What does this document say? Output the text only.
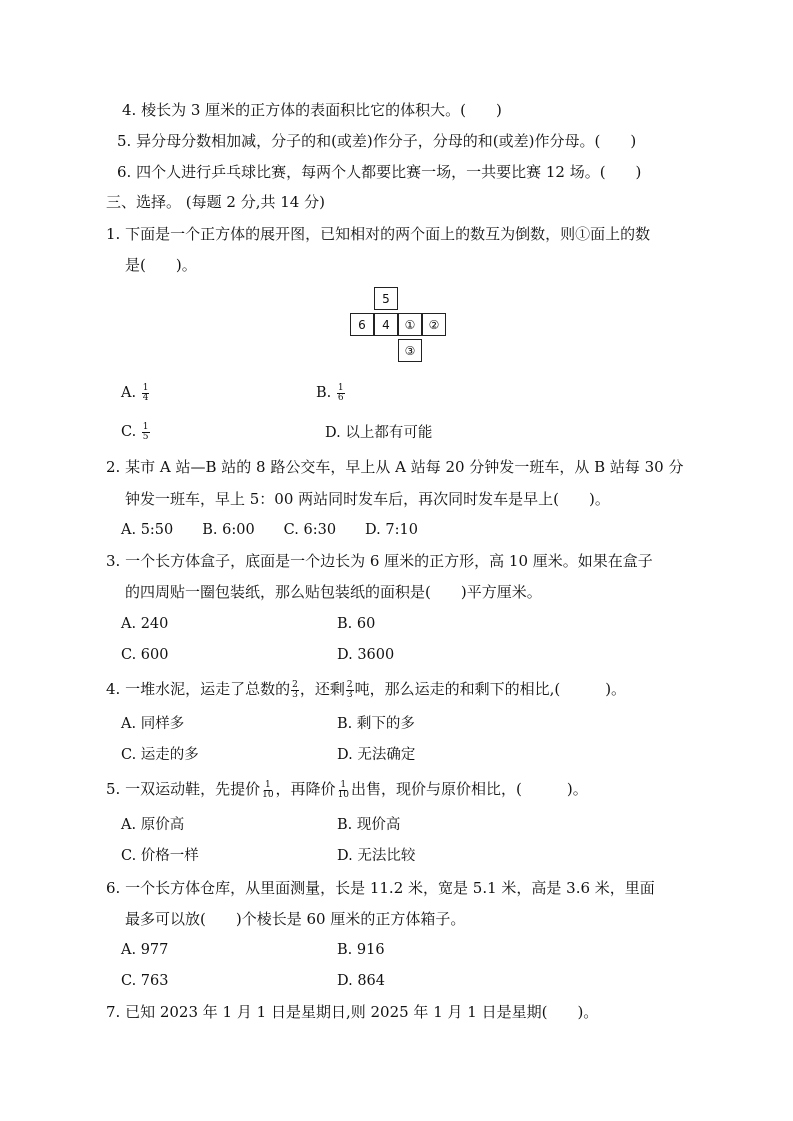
4. 棱长为 3 厘米的正方体的表面积比它的体积大。(　　)
5. 异分母分数相加减，分子的和(或差)作分子，分母的和(或差)作分母。(　　)
6. 四个人进行乒乓球比赛，每两个人都要比赛一场，一共要比赛 12 场。(　　)
三、选择。 (每题 2 分,共 14 分)
1. 下面是一个正方体的展开图，已知相对的两个面上的数互为倒数，则①面上的数
是(　　)。
5
6	4	①	②
③
A. $\frac{1}{4}$	B. $\frac{1}{6}$
C. $\frac{1}{5}$	D. 以上都有可能
2. 某市 A 站—B 站的 8 路公交车，早上从 A 站每 20 分钟发一班车，从 B 站每 30 分
钟发一班车，早上 5：00 两站同时发车后，再次同时发车是早上(　　)。
A. 5:50  B. 6:00  C. 6:30  D. 7:10
3. 一个长方体盒子，底面是一个边长为 6 厘米的正方形，高 10 厘米。如果在盒子
的四周贴一圈包装纸，那么贴包装纸的面积是(　　)平方厘米。
A. 240	B. 60
C. 600	D. 3600
4. 一堆水泥，运走了总数的 $\frac{2}{3}$ ，还剩 $\frac{2}{3}$ 吨，那么运走的和剩下的相比,(　　　)。
A. 同样多	B. 剩下的多
C. 运走的多	D. 无法确定
5. 一双运动鞋，先提价 $\frac{1}{10}$ ，再降价 $\frac{1}{10}$ 出售，现价与原价相比，(　　　)。
A. 原价高	B. 现价高
C. 价格一样	D. 无法比较
6. 一个长方体仓库，从里面测量，长是 11.2 米，宽是 5.1 米，高是 3.6 米，里面
最多可以放(　　)个棱长是 60 厘米的正方体箱子。
A. 977	B. 916
C. 763	D. 864
7. 已知 2023 年 1 月 1 日是星期日,则 2025 年 1 月 1 日是星期(　　)。
